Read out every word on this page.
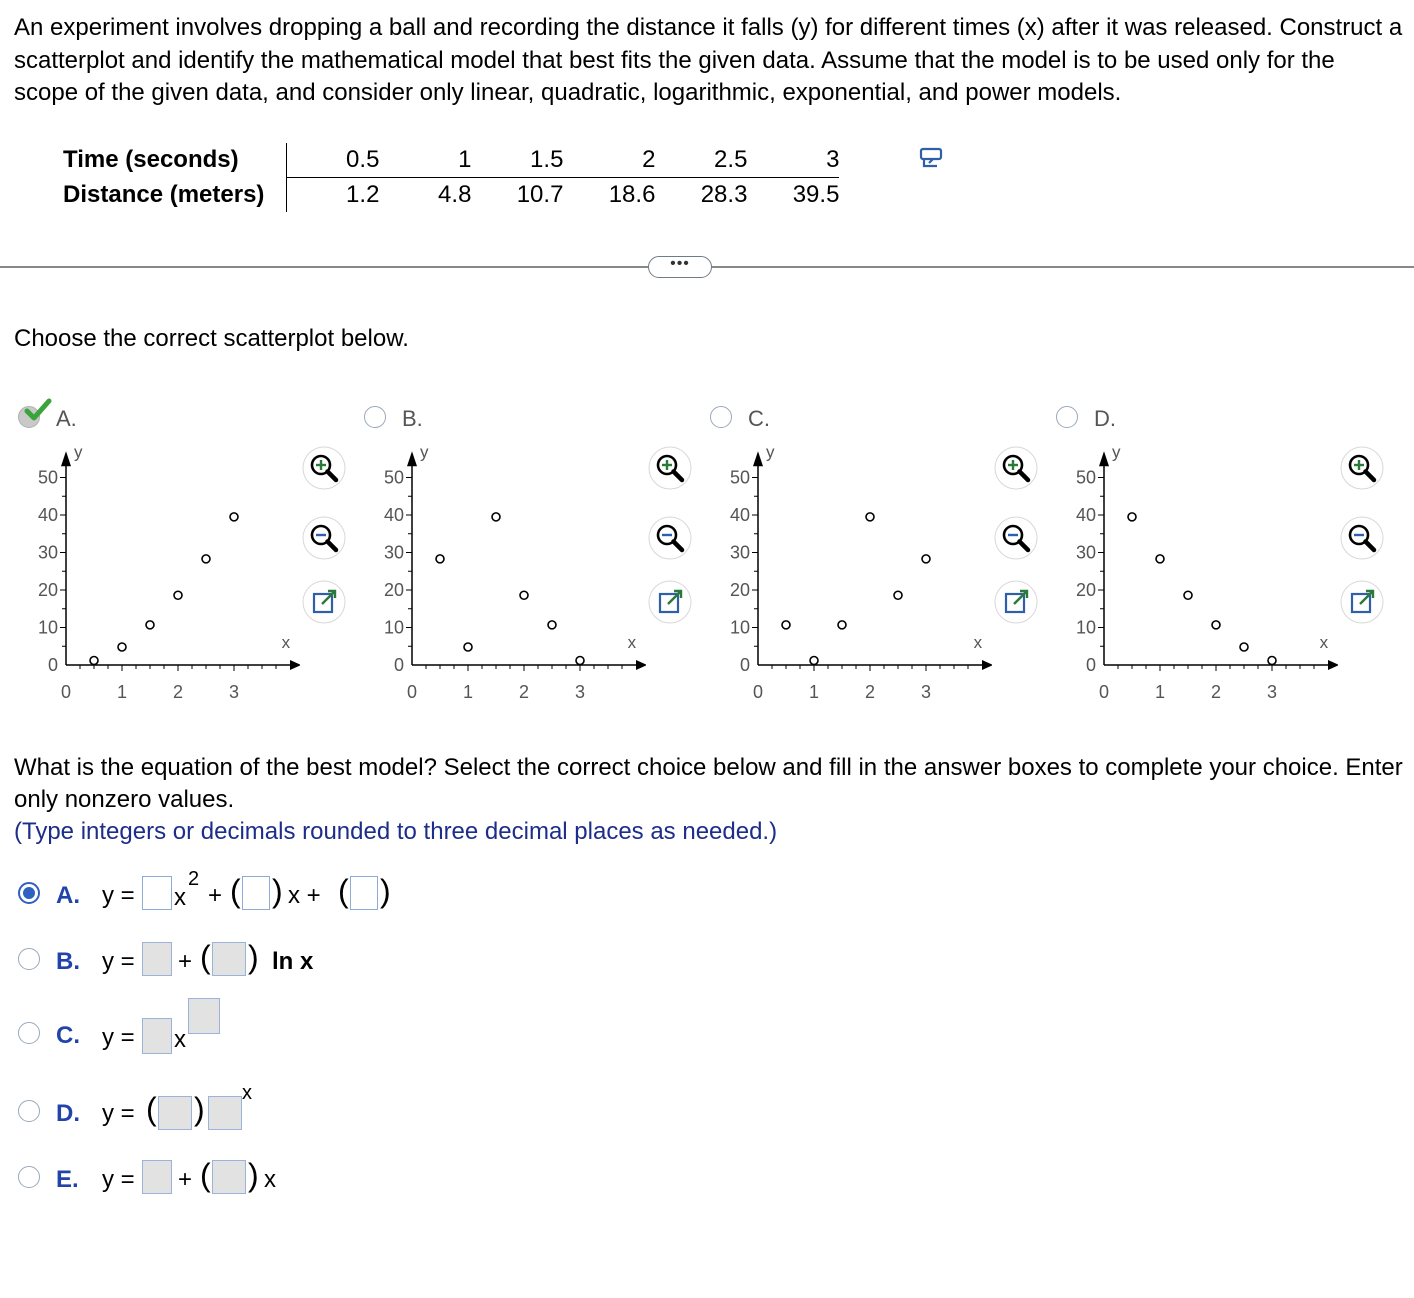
An experiment involves dropping a ball and recording the distance it falls (y) for different times (x) after it was released. Construct a scatterplot and identify the mathematical model that best fits the given data. Assume that the model is to be used only for the scope of the given data, and consider only linear, quadratic, logarithmic, exponential, and power models.
Time (seconds)	0.5	1	1.5	2	2.5	3
Distance (meters)	1.2	4.8	10.7	18.6	28.3	39.5
•••
Choose the correct scatterplot below.
A.	B.	C.	D.
50
40
30
20
10
0
0	1	2	3
y
x
50
40
30
20
10
0
0	1	2	3
y
x
50
40
30
20
10
0
0	1	2	3
y
x
50
40
30
20
10
0
0	1	2	3
y
x
What is the equation of the best model? Select the correct choice below and fill in the answer boxes to complete your choice. Enter only nonzero values.
(Type integers or decimals rounded to three decimal places as needed.)
A. y = x
2
+ ( ) x + ( )
B. y = + ( ) ln x
C. y = x
D. y = ( ) x
E. y = + ( ) x
